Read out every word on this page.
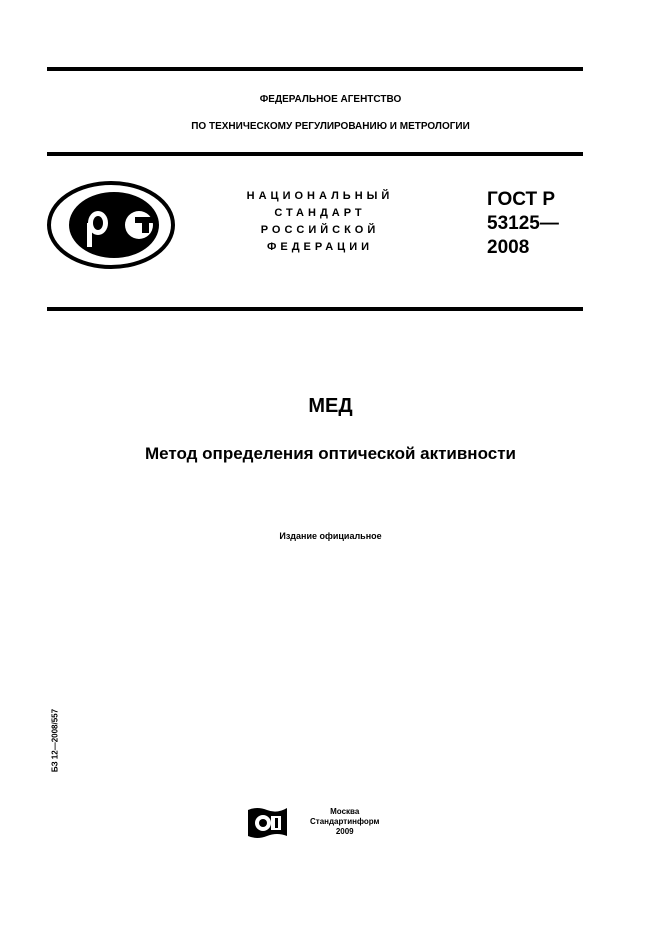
ФЕДЕРАЛЬНОЕ АГЕНТСТВО
ПО ТЕХНИЧЕСКОМУ РЕГУЛИРОВАНИЮ И МЕТРОЛОГИИ
НАЦИОНАЛЬНЫЙ
СТАНДАРТ
РОССИЙСКОЙ
ФЕДЕРАЦИИ
ГОСТ Р
53125—
2008
МЕД
Метод определения оптической активности
Издание официальное
БЗ 12—2008/557
Москва
Стандартинформ
2009
